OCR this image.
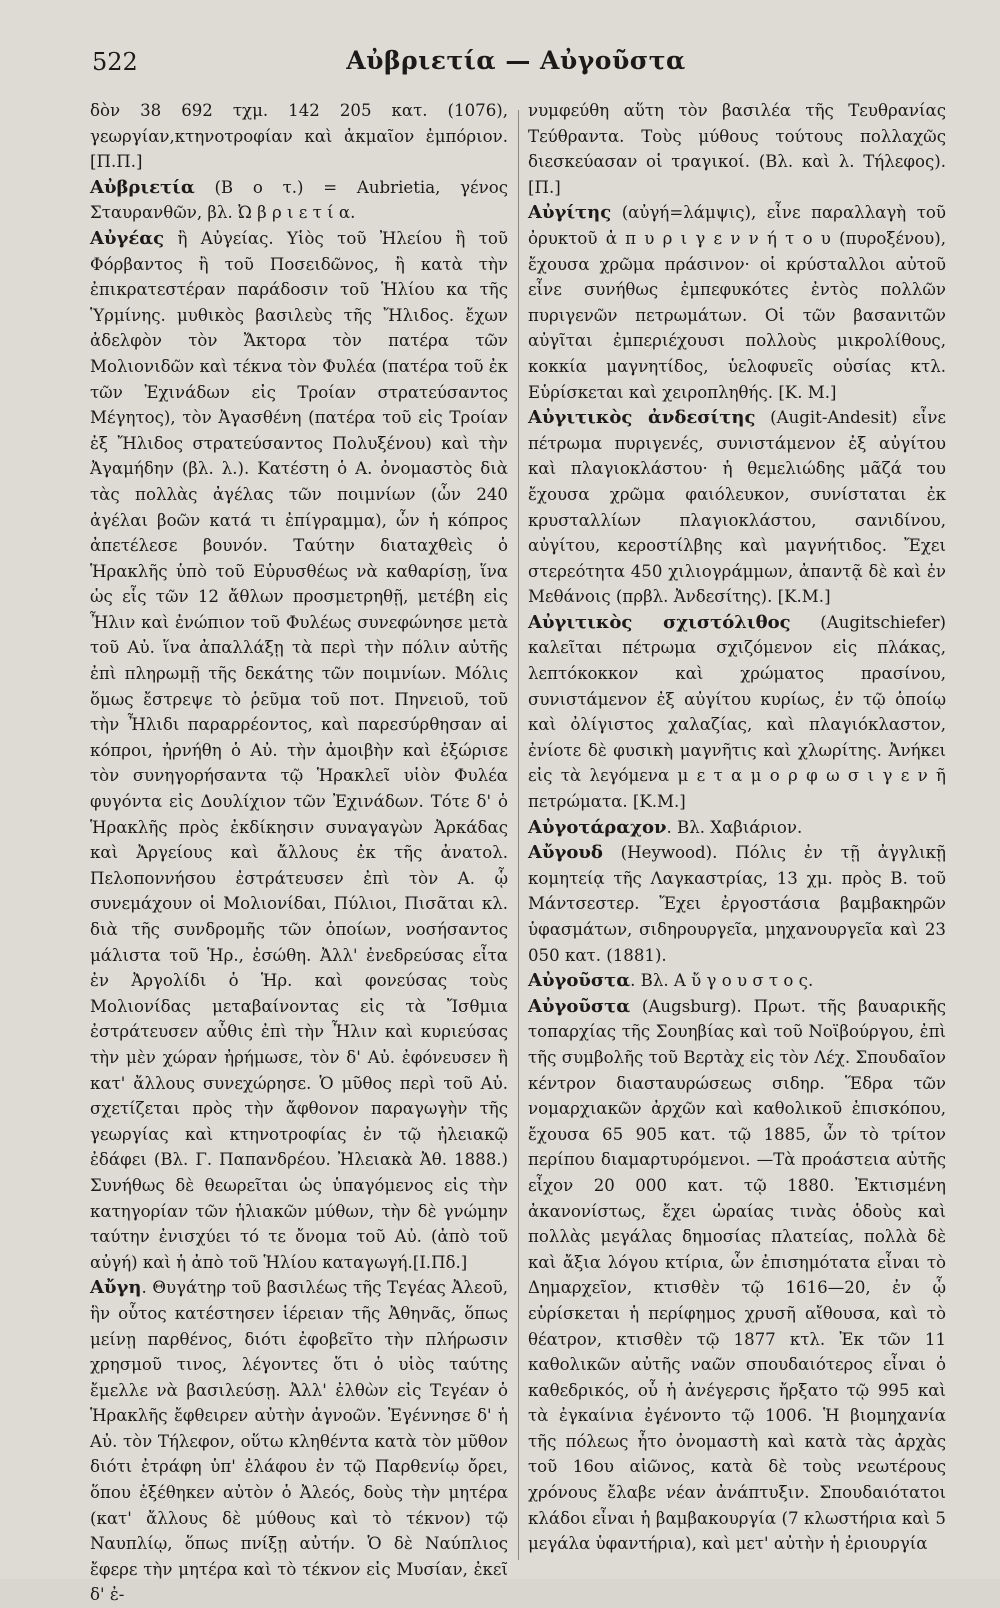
522	Αὐβριετία — Αὐγοῦστα

δὸν 38 692 τχμ. 142 205 κατ. (1076), γεωργίαν,κτηνοτροφίαν καὶ ἀκμαῖον ἐμπόριον.[Π.Π.]

Αὐβριετία (Β ο τ.) = Aubrietia, γένος Σταυρανθῶν, βλ. Ὠ β ρ ι ε τ ί α.

Αὐγέας ἢ Αὐγείας. Υἱὸς τοῦ Ἠλείου ἢ τοῦ Φόρβαντος ἢ τοῦ Ποσειδῶνος, ἢ κατὰ τὴν ἐπικρατεστέραν παράδοσιν τοῦ Ἡλίου κα τῆς Ὑρμίνης. μυθικὸς βασιλεὺς τῆς Ἤλιδος. ἔχων ἀδελφὸν τὸν Ἄκτορα τὸν πατέρα τῶν Μολιονιδῶν καὶ τέκνα τὸν Φυλέα (πατέρα τοῦ ἐκ τῶν Ἐχινάδων εἰς Τροίαν στρατεύσαντος Μέγητος), τὸν Ἀγασθένη (πατέρα τοῦ εἰς Τροίαν ἐξ Ἤλιδος στρατεύσαντος Πολυξένου) καὶ τὴν Ἀγαμήδην (βλ. λ.). Κατέστη ὁ Α. ὀνομαστὸς διὰ τὰς πολλὰς ἀγέλας τῶν ποιμνίων (ὧν 240 ἀγέλαι βοῶν κατά τι ἐπίγραμμα), ὧν ἡ κόπρος ἀπετέλεσε βουνόν. Ταύτην διαταχθεὶς ὁ Ἡρακλῆς ὑπὸ τοῦ Εὐρυσθέως νὰ καθαρίσῃ, ἵνα ὡς εἷς τῶν 12 ἄθλων προσμετρηθῇ, μετέβη εἰς Ἦλιν καὶ ἐνώπιον τοῦ Φυλέως συνεφώνησε μετὰ τοῦ Αὐ. ἵνα ἀπαλλάξῃ τὰ περὶ τὴν πόλιν αὐτῆς ἐπὶ πληρωμῇ τῆς δεκάτης τῶν ποιμνίων. Μόλις ὅμως ἔστρεψε τὸ ῥεῦμα τοῦ ποτ. Πηνειοῦ, τοῦ τὴν Ἦλιδι παραρρέοντος, καὶ παρεσύρθησαν αἱ κόπροι, ἠρνήθη ὁ Αὐ. τὴν ἀμοιβὴν καὶ ἐξώρισε τὸν συνηγορήσαντα τῷ Ἡρακλεῖ υἱὸν Φυλέα φυγόντα εἰς Δουλίχιον τῶν Ἐχινάδων. Τότε δ' ὁ Ἡρακλῆς πρὸς ἐκδίκησιν συναγαγὼν Ἀρκάδας καὶ Ἀργείους καὶ ἄλλους ἐκ τῆς ἀνατολ. Πελοποννήσου ἐστράτευσεν ἐπὶ τὸν Α. ᾧ συνεμάχουν οἱ Μολιονίδαι, Πύλιοι, Πισᾶται κλ. διὰ τῆς συνδρομῆς τῶν ὁποίων, νοσήσαντος μάλιστα τοῦ Ἡρ., ἐσώθη. Ἀλλ' ἐνεδρεύσας εἶτα ἐν Ἀργολίδι ὁ Ἡρ. καὶ φονεύσας τοὺς Μολιονίδας μεταβαίνοντας εἰς τὰ Ἴσθμια ἐστράτευσεν αὖθις ἐπὶ τὴν Ἦλιν καὶ κυριεύσας τὴν μὲν χώραν ἠρήμωσε, τὸν δ' Αὐ. ἐφόνευσεν ἢ κατ' ἄλλους συνεχώρησε. Ὁ μῦθος περὶ τοῦ Αὐ. σχετίζεται πρὸς τὴν ἄφθονον παραγωγὴν τῆς γεωργίας καὶ κτηνοτροφίας ἐν τῷ ἠλειακῷ ἐδάφει (Βλ. Γ. Παπανδρέου. Ἠλειακὰ Ἀθ. 1888.) Συνήθως δὲ θεωρεῖται ὡς ὑπαγόμενος εἰς τὴν κατηγορίαν τῶν ἡλιακῶν μύθων, τὴν δὲ γνώμην ταύτην ἐνισχύει τό τε ὄνομα τοῦ Αὐ. (ἀπὸ τοῦ αὐγή) καὶ ἡ ἀπὸ τοῦ Ἡλίου καταγωγή.[Ι.Πδ.]

Αὔγη. Θυγάτηρ τοῦ βασιλέως τῆς Τεγέας Ἀλεοῦ, ἣν οὗτος κατέστησεν ἱέρειαν τῆς Ἀθηνᾶς, ὅπως μείνῃ παρθένος, διότι ἐφοβεῖτο τὴν πλήρωσιν χρησμοῦ τινος, λέγοντες ὅτι ὁ υἱὸς ταύτης ἔμελλε νὰ βασιλεύσῃ. Ἀλλ' ἐλθὼν εἰς Τεγέαν ὁ Ἡρακλῆς ἔφθειρεν αὐτὴν ἀγνοῶν. Ἐγέννησε δ' ἡ Αὐ. τὸν Τήλεφον, οὕτω κληθέντα κατὰ τὸν μῦθον διότι ἐτράφη ὑπ' ἐλάφου ἐν τῷ Παρθενίῳ ὄρει, ὅπου ἐξέθηκεν αὐτὸν ὁ Ἀλεός, δοὺς τὴν μητέρα (κατ' ἄλλους δὲ μύθους καὶ τὸ τέκνον) τῷ Ναυπλίῳ, ὅπως πνίξῃ αὐτήν. Ὁ δὲ Ναύπλιος ἔφερε τὴν μητέρα καὶ τὸ τέκνον εἰς Μυσίαν, ἐκεῖ δ' ἐ-

νυμφεύθη αὕτη τὸν βασιλέα τῆς Τευθρανίας Τεύθραντα. Τοὺς μύθους τούτους πολλαχῶς διεσκεύασαν οἱ τραγικοί. (Βλ. καὶ λ. Τήλεφος). [Π.]

Αὐγίτης (αὐγή=λάμψις), εἶνε παραλλαγὴ τοῦ ὀρυκτοῦ ἀ π υ ρ ι γ ε ν ν ή τ ο υ (πυροξένου), ἔχουσα χρῶμα πράσινον· οἱ κρύσταλλοι αὐτοῦ εἶνε συνήθως ἐμπεφυκότες ἐντὸς πολλῶν πυριγενῶν πετρωμάτων. Οἱ τῶν βασανιτῶν αὐγῖται ἐμπεριέχουσι πολλοὺς μικρολίθους, κοκκία μαγνητίδος, ὑελοφυεῖς οὐσίας κτλ. Εὑρίσκεται καὶ χειροπληθής. [Κ. Μ.]

Αὐγιτικὸς ἀνδεσίτης (Augit-Andesit) εἶνε πέτρωμα πυριγενές, συνιστάμενον ἐξ αὐγίτου καὶ πλαγιοκλάστου· ἡ θεμελιώδης μᾶζά του ἔχουσα χρῶμα φαιόλευκον, συνίσταται ἐκ κρυσταλλίων πλαγιοκλάστου, σανιδίνου, αὐγίτου, κεροστίλβης καὶ μαγνήτιδος. Ἔχει στερεότητα 450 χιλιογράμμων, ἀπαντᾷ δὲ καὶ ἐν Μεθάνοις (πρβλ. Ἀνδεσίτης). [Κ.Μ.]

Αὐγιτικὸς σχιστόλιθος (Augitschiefer) καλεῖται πέτρωμα σχιζόμενον εἰς πλάκας, λεπτόκοκκον καὶ χρώματος πρασίνου, συνιστάμενον ἐξ αὐγίτου κυρίως, ἐν τῷ ὁποίῳ καὶ ὀλίγιστος χαλαζίας, καὶ πλαγιόκλαστον, ἐνίοτε δὲ φυσικὴ μαγνῆτις καὶ χλωρίτης. Ἀνήκει εἰς τὰ λεγόμενα μ ε τ α μ ο ρ φ ω σ ι γ ε ν ῆ πετρώματα. [Κ.Μ.]

Αὐγοτάραχον. Βλ. Χαβιάριον.

Αὔγουδ (Heywood). Πόλις ἐν τῇ ἀγγλικῇ κομητείᾳ τῆς Λαγκαστρίας, 13 χμ. πρὸς Β. τοῦ Μάντσεστερ. Ἔχει ἐργοστάσια βαμβακηρῶν ὑφασμάτων, σιδηρουργεῖα, μηχανουργεῖα καὶ 23 050 κατ. (1881).

Αὐγοῦστα. Βλ. Α ὔ γ ο υ σ τ ο ς.

Αὐγοῦστα (Augsburg). Πρωτ. τῆς βαυαρικῆς τοπαρχίας τῆς Σουηβίας καὶ τοῦ Νοϊβούργου, ἐπὶ τῆς συμβολῆς τοῦ Βερτὰχ εἰς τὸν Λέχ. Σπουδαῖον κέντρον διασταυρώσεως σιδηρ. Ἕδρα τῶν νομαρχιακῶν ἀρχῶν καὶ καθολικοῦ ἐπισκόπου, ἔχουσα 65 905 κατ. τῷ 1885, ὧν τὸ τρίτον περίπου διαμαρτυρόμενοι. —Τὰ προάστεια αὐτῆς εἶχον 20 000 κατ. τῷ 1880. Ἐκτισμένη ἀκανονίστως, ἔχει ὡραίας τινὰς ὁδοὺς καὶ πολλὰς μεγάλας δημοσίας πλατείας, πολλὰ δὲ καὶ ἄξια λόγου κτίρια, ὧν ἐπισημότατα εἶναι τὸ Δημαρχεῖον, κτισθὲν τῷ 1616—20, ἐν ᾧ εὑρίσκεται ἡ περίφημος χρυσῆ αἴθουσα, καὶ τὸ θέατρον, κτισθὲν τῷ 1877 κτλ. Ἐκ τῶν 11 καθολικῶν αὐτῆς ναῶν σπουδαιότερος εἶναι ὁ καθεδρικός, οὗ ἡ ἀνέγερσις ἤρξατο τῷ 995 καὶ τὰ ἐγκαίνια ἐγένοντο τῷ 1006. Ἡ βιομηχανία τῆς πόλεως ἦτο ὀνομαστὴ καὶ κατὰ τὰς ἀρχὰς τοῦ 16ου αἰῶνος, κατὰ δὲ τοὺς νεωτέρους χρόνους ἔλαβε νέαν ἀνάπτυξιν. Σπουδαιότατοι κλάδοι εἶναι ἡ βαμβακουργία (7 κλωστήρια καὶ 5 μεγάλα ὑφαντήρια), καὶ μετ' αὐτὴν ἡ ἐριουργία
